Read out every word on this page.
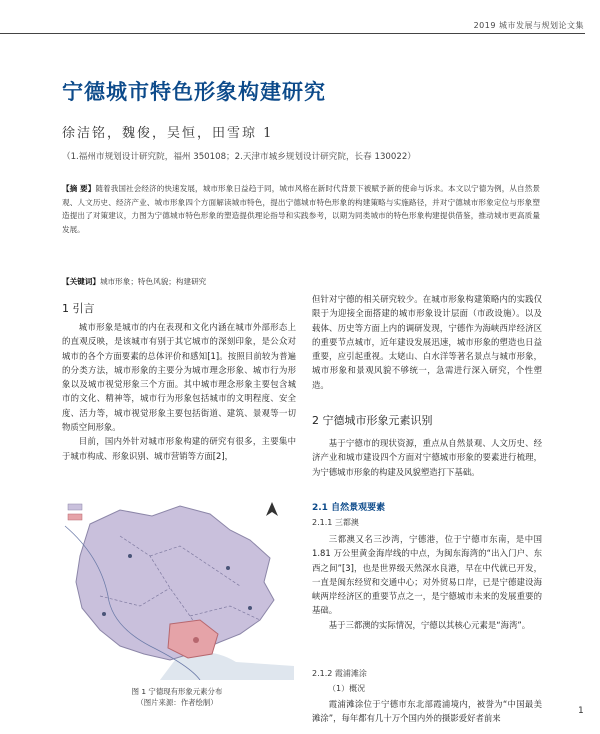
2019 城市发展与规划论文集
宁德城市特色形象构建研究
徐洁铭，魏俊，吴恒，田雪琼 1
（1.福州市规划设计研究院，福州 350108；2.天津市城乡规划设计研究院，长春 130022）
【摘 要】随着我国社会经济的快速发展，城市形象日益趋于同，城市风格在新时代背景下被赋予新的使命与诉求。本文以宁德为例，从自然景观、人文历史、经济产业、城市形象四个方面解读城市特色，提出宁德城市特色形象的构建策略与实施路径，并对宁德城市形象定位与形象塑造提出了对策建议，力图为宁德城市特色形象的塑造提供理论指导和实践参考，以期为同类城市的特色形象构建提供借鉴，推动城市更高质量发展。
【关键词】城市形象；特色风貌；构建研究
1 引言

城市形象是城市的内在表现和文化内涵在城市外部形态上的直观反映，是该城市有别于其它城市的深刻印象，是公众对城市的各个方面要素的总体评价和感知[1]。按照目前较为普遍的分类方法，城市形象的主要分为城市理念形象、城市行为形象以及城市视觉形象三个方面。其中城市理念形象主要包含城市的文化、精神等，城市行为形象包括城市的文明程度、安全度、活力等，城市视觉形象主要包括街道、建筑、景观等一切物质空间形象。

目前，国内外针对城市形象构建的研究有很多，主要集中于城市构成、形象识别、城市营销等方面[2]，

图 1 宁德现有形象元素分布
（图片来源：作者绘制）

但针对宁德的相关研究较少。在城市形象构建策略内的实践仅限于为迎接全面搭建的城市形象设计层面（市政设施）。以及载体、历史等方面上内的调研发现，宁德作为海峡西岸经济区的重要节点城市，近年建设发展迅速，城市形象的塑造也日益重要，应引起重视。太姥山、白水洋等著名景点与城市形象，城市形象和景观风貌不够统一，急需进行深入研究，个性塑造。

2 宁德城市形象元素识别

基于宁德市的现状资源，重点从自然景观、人文历史、经济产业和城市建设四个方面对宁德城市形象的要素进行梳理，为宁德城市形象的构建及风貌塑造打下基础。

2.1 自然景观要素
2.1.1 三都澳

三都澳又名三沙湾，宁德港，位于宁德市东南，是中国 1.81 万公里黄金海岸线的中点，为闽东海湾的“出入门户、东西之间”[3]，也是世界级天然深水良港，早在中代就已开发，一直是闽东经贸和交通中心；对外贸易口岸，已是宁德建设海峡两岸经济区的重要节点之一，是宁德城市未来的发展重要的基础。

基于三都澳的实际情况，宁德以其核心元素是“海湾”。

2.1.2 霞浦滩涂
（1）概况

霞浦滩涂位于宁德市东北部霞浦境内，被誉为“中国最美滩涂”，每年都有几十万个国内外的摄影爱好者前来

1
